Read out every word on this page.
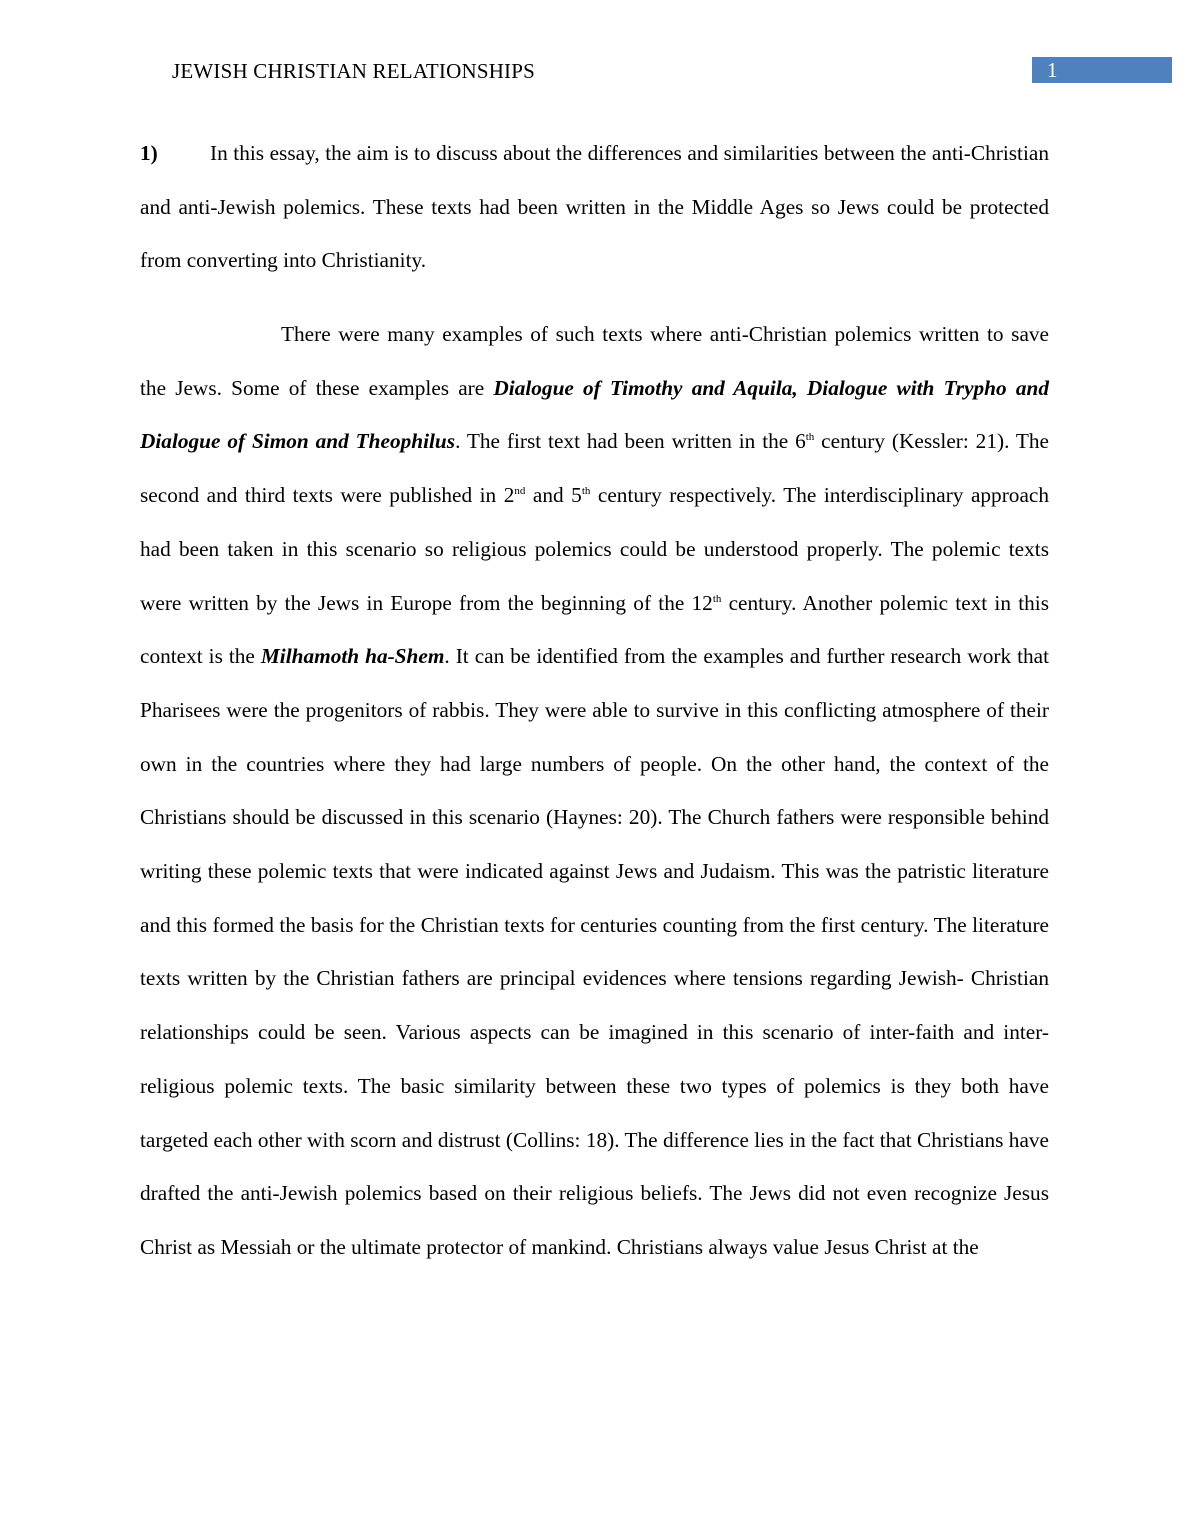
JEWISH CHRISTIAN RELATIONSHIPS	1

1) In this essay, the aim is to discuss about the differences and similarities between the anti-Christian and anti-Jewish polemics. These texts had been written in the Middle Ages so Jews could be protected from converting into Christianity.

There were many examples of such texts where anti-Christian polemics written to save the Jews. Some of these examples are Dialogue of Timothy and Aquila, Dialogue with Trypho and Dialogue of Simon and Theophilus. The first text had been written in the 6th century (Kessler: 21). The second and third texts were published in 2nd and 5th century respectively. The interdisciplinary approach had been taken in this scenario so religious polemics could be understood properly. The polemic texts were written by the Jews in Europe from the beginning of the 12th century. Another polemic text in this context is the Milhamoth ha-Shem. It can be identified from the examples and further research work that Pharisees were the progenitors of rabbis. They were able to survive in this conflicting atmosphere of their own in the countries where they had large numbers of people. On the other hand, the context of the Christians should be discussed in this scenario (Haynes: 20). The Church fathers were responsible behind writing these polemic texts that were indicated against Jews and Judaism. This was the patristic literature and this formed the basis for the Christian texts for centuries counting from the first century. The literature texts written by the Christian fathers are principal evidences where tensions regarding Jewish- Christian relationships could be seen. Various aspects can be imagined in this scenario of inter-faith and inter-religious polemic texts. The basic similarity between these two types of polemics is they both have targeted each other with scorn and distrust (Collins: 18). The difference lies in the fact that Christians have drafted the anti-Jewish polemics based on their religious beliefs. The Jews did not even recognize Jesus Christ as Messiah or the ultimate protector of mankind. Christians always value Jesus Christ at the
